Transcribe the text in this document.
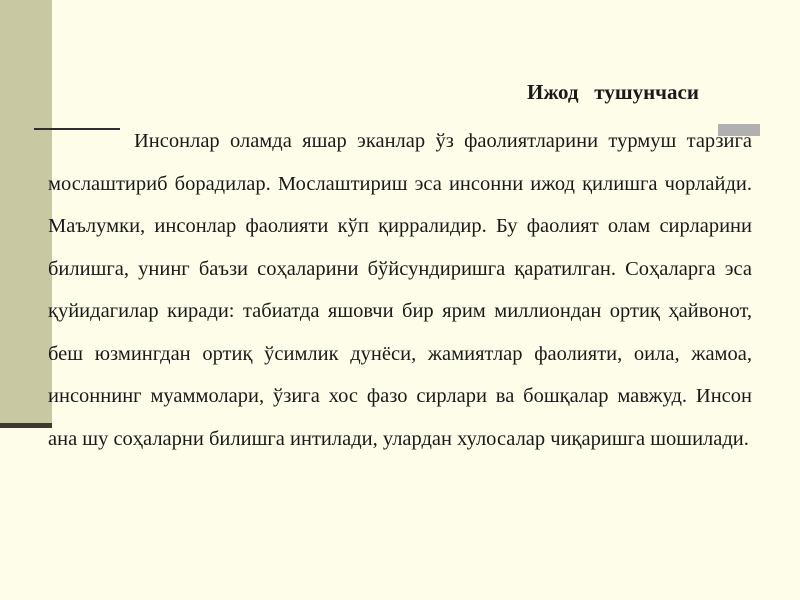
Ижод   тушунчаси

Инсонлар оламда яшар эканлар ўз фаолиятларини турмуш тарзига мослаштириб борадилар. Мослаштириш эса инсонни ижод қилишга чорлайди. Маълумки, инсонлар фаолияти кўп қирралидир. Бу фаолият олам сирларини билишга, унинг баъзи соҳаларини бўйсундиришга қаратилган. Соҳаларга эса қуйидагилар киради: табиатда яшовчи бир ярим миллиондан ортиқ ҳайвонот, беш юзмингдан ортиқ ўсимлик дунёси, жамиятлар фаолияти, оила, жамоа, инсоннинг муаммолари, ўзига хос фазо сирлари ва бошқалар мавжуд. Инсон ана шу соҳаларни билишга интилади, улардан хулосалар чиқаришга шошилади.
